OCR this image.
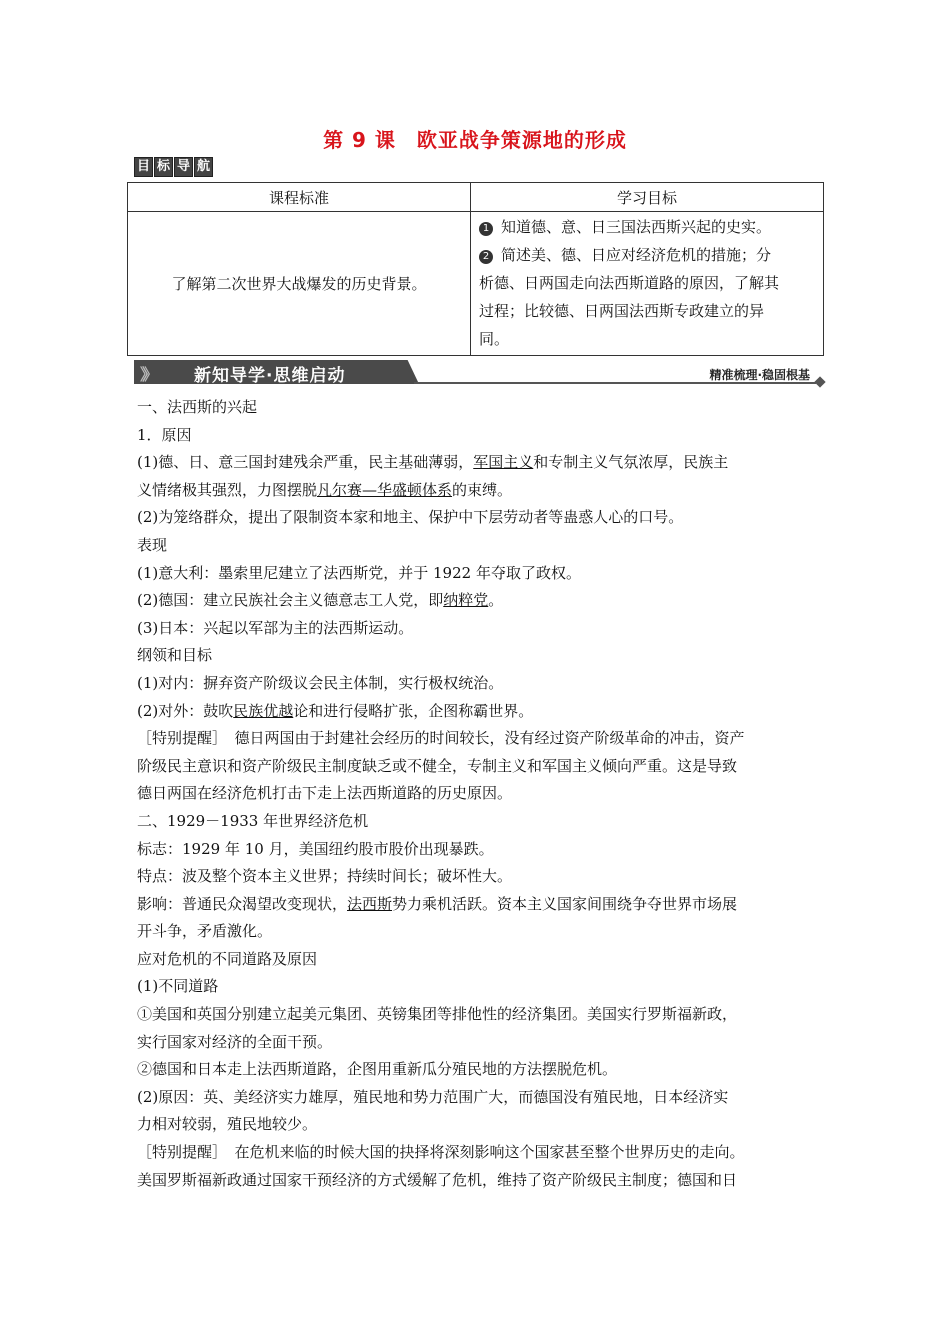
第 9 课　欧亚战争策源地的形成
目 标 导 航
课程标准	学习目标
了解第二次世界大战爆发的历史背景。	1 知道德、意、日三国法西斯兴起的史实。
2 简述美、德、日应对经济危机的措施；分
析德、日两国走向法西斯道路的原因，了解其
过程；比较德、日两国法西斯专政建立的异
同。
》》 新知导学·思维启动	精准梳理·稳固根基

一、法西斯的兴起

1．原因

(1)德、日、意三国封建残余严重，民主基础薄弱，军国主义和专制主义气氛浓厚，民族主

义情绪极其强烈，力图摆脱凡尔赛—华盛顿体系的束缚。

(2)为笼络群众，提出了限制资本家和地主、保护中下层劳动者等蛊惑人心的口号。

表现

(1)意大利：墨索里尼建立了法西斯党，并于 1922 年夺取了政权。

(2)德国：建立民族社会主义德意志工人党，即纳粹党。

(3)日本：兴起以军部为主的法西斯运动。

纲领和目标

(1)对内：摒弃资产阶级议会民主体制，实行极权统治。

(2)对外：鼓吹民族优越论和进行侵略扩张，企图称霸世界。

［特别提醒］　德日两国由于封建社会经历的时间较长，没有经过资产阶级革命的冲击，资产

阶级民主意识和资产阶级民主制度缺乏或不健全，专制主义和军国主义倾向严重。这是导致

德日两国在经济危机打击下走上法西斯道路的历史原因。

二、1929－1933 年世界经济危机

标志：1929 年 10 月，美国纽约股市股价出现暴跌。

特点：波及整个资本主义世界；持续时间长；破坏性大。

影响：普通民众渴望改变现状，法西斯势力乘机活跃。资本主义国家间围绕争夺世界市场展

开斗争，矛盾激化。

应对危机的不同道路及原因

(1)不同道路

①美国和英国分别建立起美元集团、英镑集团等排他性的经济集团。美国实行罗斯福新政，

实行国家对经济的全面干预。

②德国和日本走上法西斯道路，企图用重新瓜分殖民地的方法摆脱危机。

(2)原因：英、美经济实力雄厚，殖民地和势力范围广大，而德国没有殖民地，日本经济实

力相对较弱，殖民地较少。

［特别提醒］　在危机来临的时候大国的抉择将深刻影响这个国家甚至整个世界历史的走向。

美国罗斯福新政通过国家干预经济的方式缓解了危机，维持了资产阶级民主制度；德国和日
